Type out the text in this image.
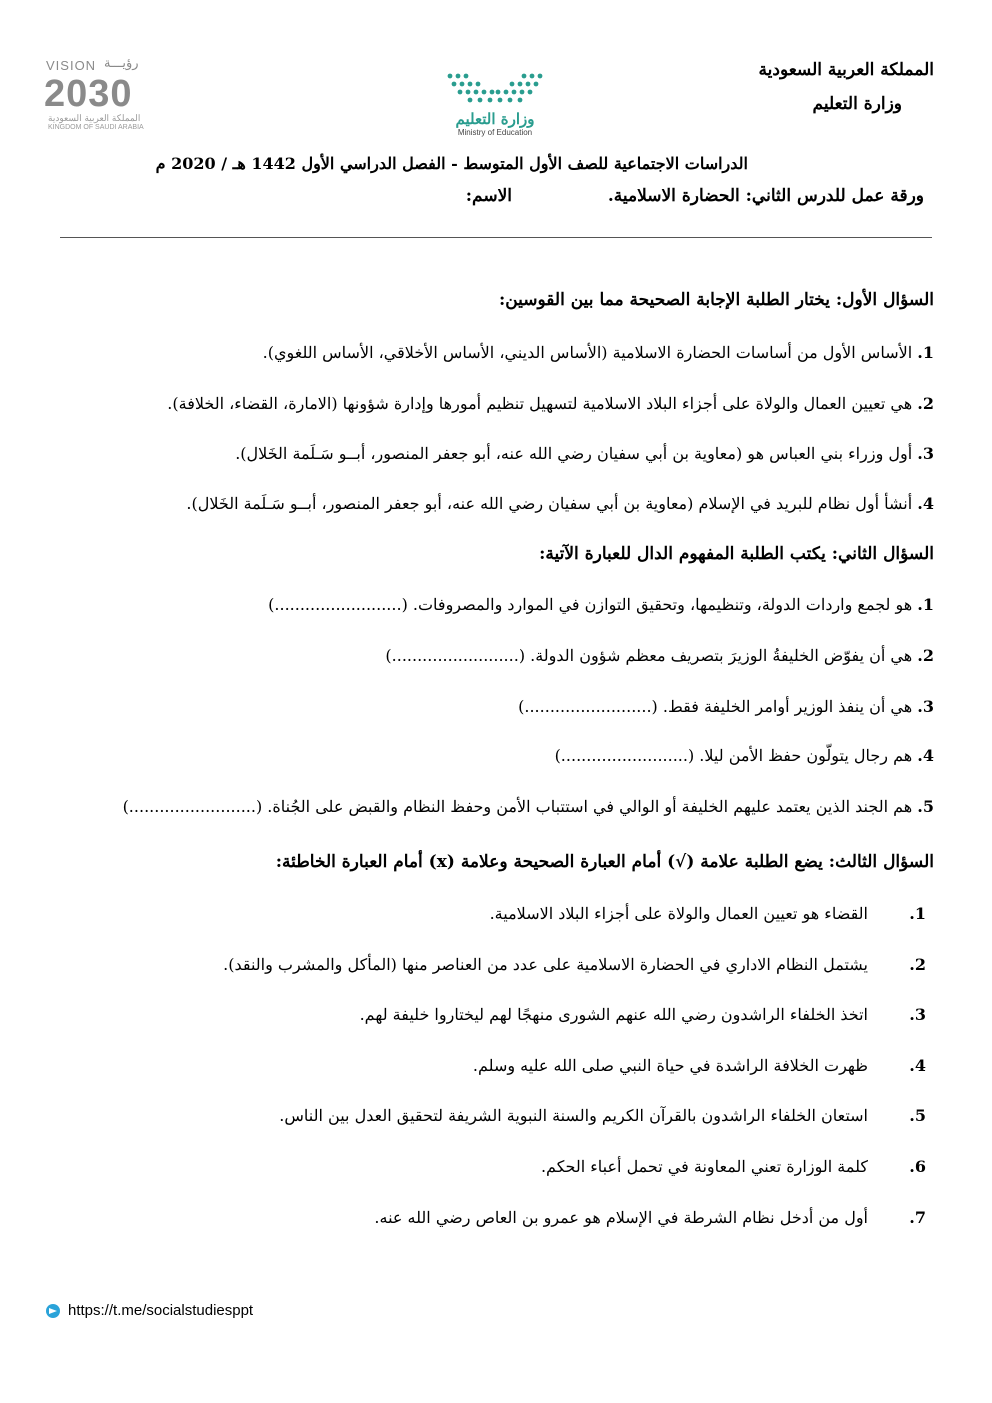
المملكة العربية السعودية
وزارة التعليم
وزارة التعليم
Ministry of Education
VISION رؤيـــة
2030
المملكة العربية السعودية
KINGDOM OF SAUDI ARABIA
الدراسات الاجتماعية للصف الأول المتوسط - الفصل الدراسي الأول 1442 هـ / 2020 م
ورقة عمل للدرس الثاني: الحضارة الاسلامية.
الاسم:
السؤال الأول: يختار الطلبة الإجابة الصحيحة مما بين القوسين:
1. الأساس الأول من أساسات الحضارة الاسلامية (الأساس الديني، الأساس الأخلاقي، الأساس اللغوي).
2. هي تعيين العمال والولاة على أجزاء البلاد الاسلامية لتسهيل تنظيم أمورها وإدارة شؤونها (الامارة، القضاء، الخلافة).
3. أول وزراء بني العباس هو (معاوية بن أبي سفيان رضي الله عنه، أبو جعفر المنصور، أبــو سَـلَمة الخَلال).
4. أنشأ أول نظام للبريد في الإسلام (معاوية بن أبي سفيان رضي الله عنه، أبو جعفر المنصور، أبــو سَـلَمة الخَلال).
السؤال الثاني: يكتب الطلبة المفهوم الدال للعبارة الآتية:
1. هو لجمع واردات الدولة، وتنظيمها، وتحقيق التوازن في الموارد والمصروفات. (.........................)
2. هي أن يفوّض الخليفةُ الوزيرَ بتصريف معظم شؤون الدولة. (.........................)
3. هي أن ينفذ الوزير أوامر الخليفة فقط. (.........................)
4. هم رجال يتولّون حفظ الأمن ليلا. (.........................)
5. هم الجند الذين يعتمد عليهم الخليفة أو الوالي في استتباب الأمن وحفظ النظام والقبض على الجُناة. (.........................)
السؤال الثالث: يضع الطلبة علامة (√) أمام العبارة الصحيحة وعلامة (x) أمام العبارة الخاطئة:
1.القضاء هو تعيين العمال والولاة على أجزاء البلاد الاسلامية.
2.يشتمل النظام الاداري في الحضارة الاسلامية على عدد من العناصر منها (المأكل والمشرب والنقد).
3.اتخذ الخلفاء الراشدون رضي الله عنهم الشورى منهجًا لهم ليختاروا خليفة لهم.
4.ظهرت الخلافة الراشدة في حياة النبي صلى الله عليه وسلم.
5.استعان الخلفاء الراشدون بالقرآن الكريم والسنة النبوية الشريفة لتحقيق العدل بين الناس.
6.كلمة الوزارة تعني المعاونة في تحمل أعباء الحكم.
7.أول من أدخل نظام الشرطة في الإسلام هو عمرو بن العاص رضي الله عنه.
https://t.me/socialstudiesppt
